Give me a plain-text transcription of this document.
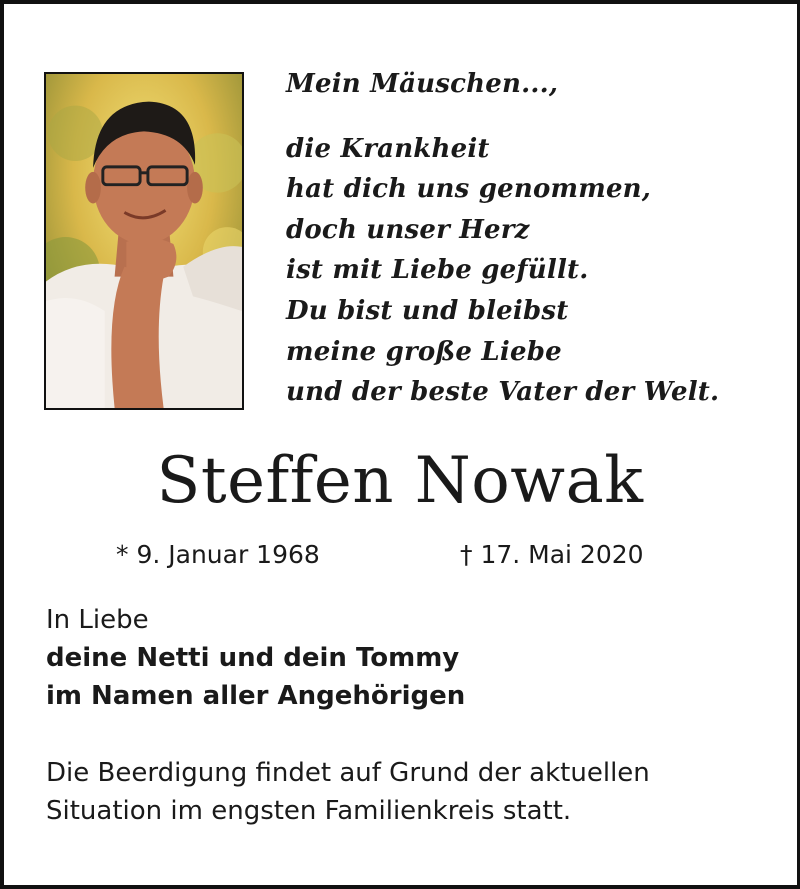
Mein Mäuschen...,
die Krankheit
hat dich uns genommen,
doch unser Herz
ist mit Liebe gefüllt.
Du bist und bleibst
meine große Liebe
und der beste Vater der Welt.
Steffen Nowak
* 9. Januar 1968	† 17. Mai 2020
In Liebe
deine Netti und dein Tommy
im Namen aller Angehörigen
Die Beerdigung findet auf Grund der aktuellen
Situation im engsten Familienkreis statt.
